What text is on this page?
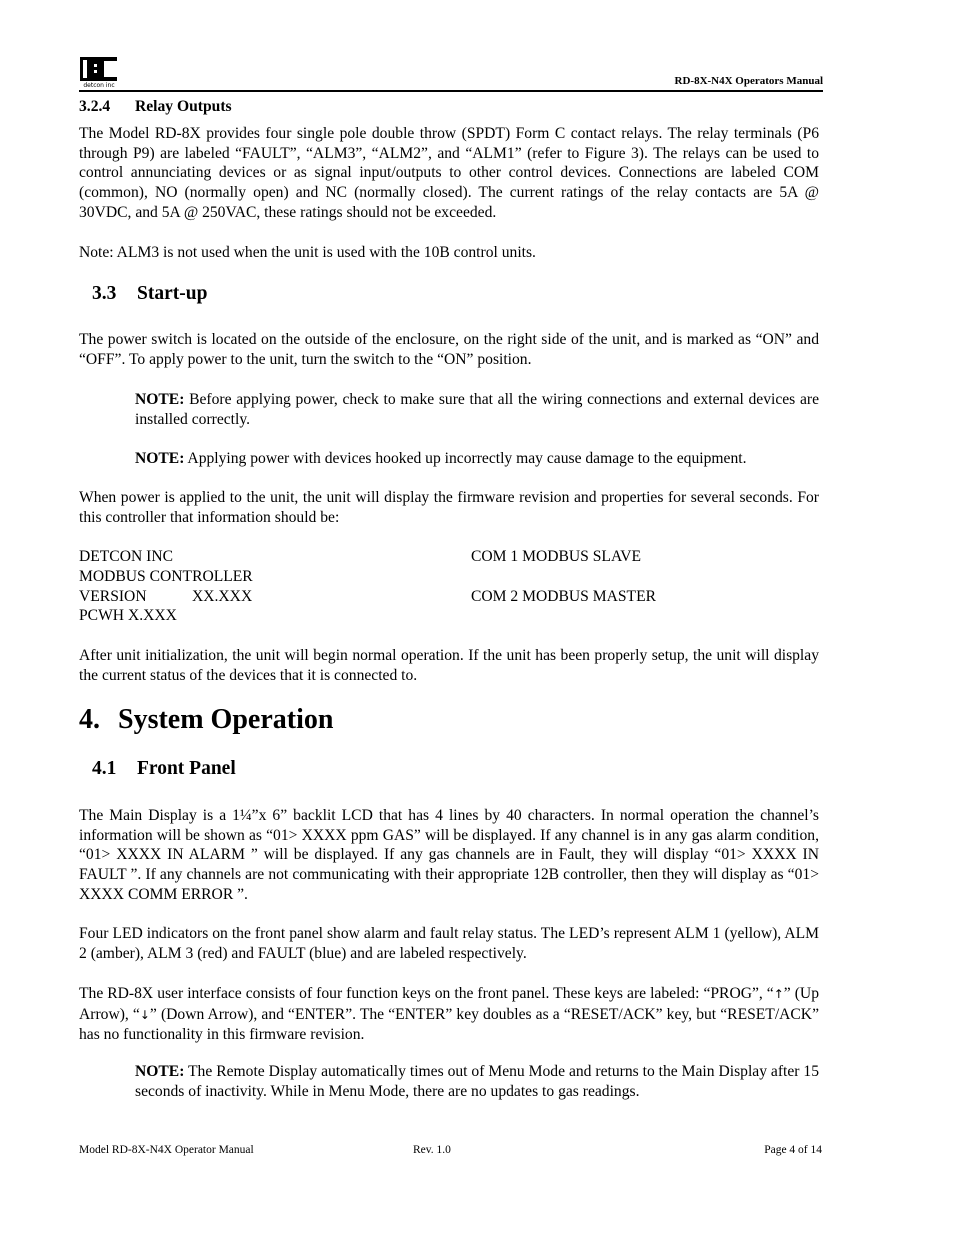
detcon inc	RD-8X-N4X Operators Manual
3.2.4 Relay Outputs

The Model RD-8X provides four single pole double throw (SPDT) Form C contact relays. The relay terminals (P6 through P9) are labeled “FAULT”, “ALM3”, “ALM2”, and “ALM1” (refer to Figure 3). The relays can be used to control annunciating devices or as signal input/outputs to other control devices. Connections are labeled COM (common), NO (normally open) and NC (normally closed). The current ratings of the relay contacts are 5A @ 30VDC, and 5A @ 250VAC, these ratings should not be exceeded.

Note: ALM3 is not used when the unit is used with the 10B control units.

3.3 Start-up

The power switch is located on the outside of the enclosure, on the right side of the unit, and is marked as “ON” and “OFF”. To apply power to the unit, turn the switch to the “ON” position.

NOTE: Before applying power, check to make sure that all the wiring connections and external devices are installed correctly.

NOTE: Applying power with devices hooked up incorrectly may cause damage to the equipment.

When power is applied to the unit, the unit will display the firmware revision and properties for several seconds. For this controller that information should be:

DETCON INC	COM 1 MODBUS SLAVE
MODBUS CONTROLLER
VERSION	XX.XXX	COM 2 MODBUS MASTER
PCWH X.XXX

After unit initialization, the unit will begin normal operation. If the unit has been properly setup, the unit will display the current status of the devices that it is connected to.

4. System Operation
4.1 Front Panel

The Main Display is a 1¼”x 6” backlit LCD that has 4 lines by 40 characters. In normal operation the channel’s information will be shown as “01> XXXX ppm GAS” will be displayed. If any channel is in any gas alarm condition, “01> XXXX IN ALARM ” will be displayed. If any gas channels are in Fault, they will display “01> XXXX IN FAULT ”. If any channels are not communicating with their appropriate 12B controller, then they will display as “01> XXXX COMM ERROR ”.

Four LED indicators on the front panel show alarm and fault relay status. The LED’s represent ALM 1 (yellow), ALM 2 (amber), ALM 3 (red) and FAULT (blue) and are labeled respectively.

The RD-8X user interface consists of four function keys on the front panel. These keys are labeled: “PROG”, “↑” (Up Arrow), “↓” (Down Arrow), and “ENTER”. The “ENTER” key doubles as a “RESET/ACK” key, but “RESET/ACK” has no functionality in this firmware revision.

NOTE: The Remote Display automatically times out of Menu Mode and returns to the Main Display after 15 seconds of inactivity. While in Menu Mode, there are no updates to gas readings.

Model RD-8X-N4X Operator Manual	Rev. 1.0	Page 4 of 14
